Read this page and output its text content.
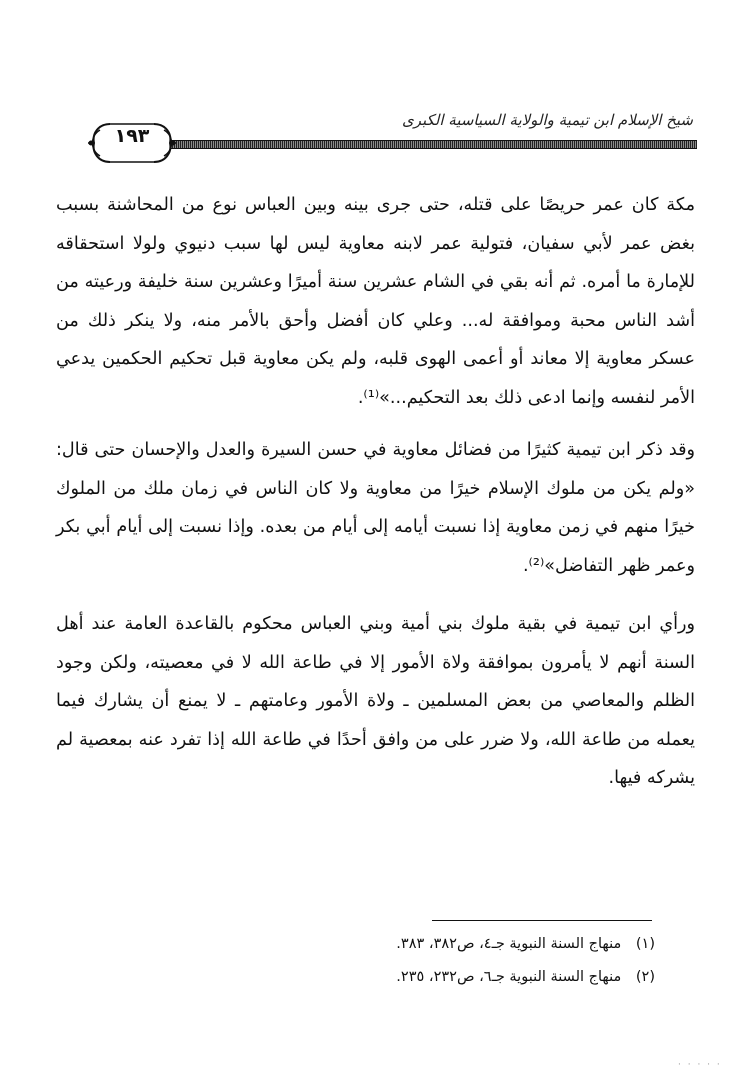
شيخ الإسلام ابن تيمية والولاية السياسية الكبرى
١٩٣

مكة كان عمر حريصًا على قتله، حتى جرى بينه وبين العباس نوع من المحاشنة بسبب بغض عمر لأبي سفيان، فتولية عمر لابنه معاوية ليس لها سبب دنيوي ولولا استحقاقه للإمارة ما أمره. ثم أنه بقي في الشام عشرين سنة أميرًا وعشرين سنة خليفة ورعيته من أشد الناس محبة وموافقة له... وعلي كان أفضل وأحق بالأمر منه، ولا ينكر ذلك من عسكر معاوية إلا معاند أو أعمى الهوى قلبه، ولم يكن معاوية قبل تحكيم الحكمين يدعي الأمر لنفسه وإنما ادعى ذلك بعد التحكيم...»⁽¹⁾.

وقد ذكر ابن تيمية كثيرًا من فضائل معاوية في حسن السيرة والعدل والإحسان حتى قال: «ولم يكن من ملوك الإسلام خيرًا من معاوية ولا كان الناس في زمان ملك من الملوك خيرًا منهم في زمن معاوية إذا نسبت أيامه إلى أيام من بعده. وإذا نسبت إلى أيام أبي بكر وعمر ظهر التفاضل»⁽²⁾.

ورأي ابن تيمية في بقية ملوك بني أمية وبني العباس محكوم بالقاعدة العامة عند أهل السنة أنهم لا يأمرون بموافقة ولاة الأمور إلا في طاعة الله لا في معصيته، ولكن وجود الظلم والمعاصي من بعض المسلمين ـ ولاة الأمور وعامتهم ـ لا يمنع أن يشارك فيما يعمله من طاعة الله، ولا ضرر على من وافق أحدًا في طاعة الله إذا تفرد عنه بمعصية لم يشركه فيها.

(١) منهاج السنة النبوية جـ٤، ص٣٨٢، ٣٨٣.
(٢) منهاج السنة النبوية جـ٦، ص٢٣٢، ٢٣٥.
· · · · ·
